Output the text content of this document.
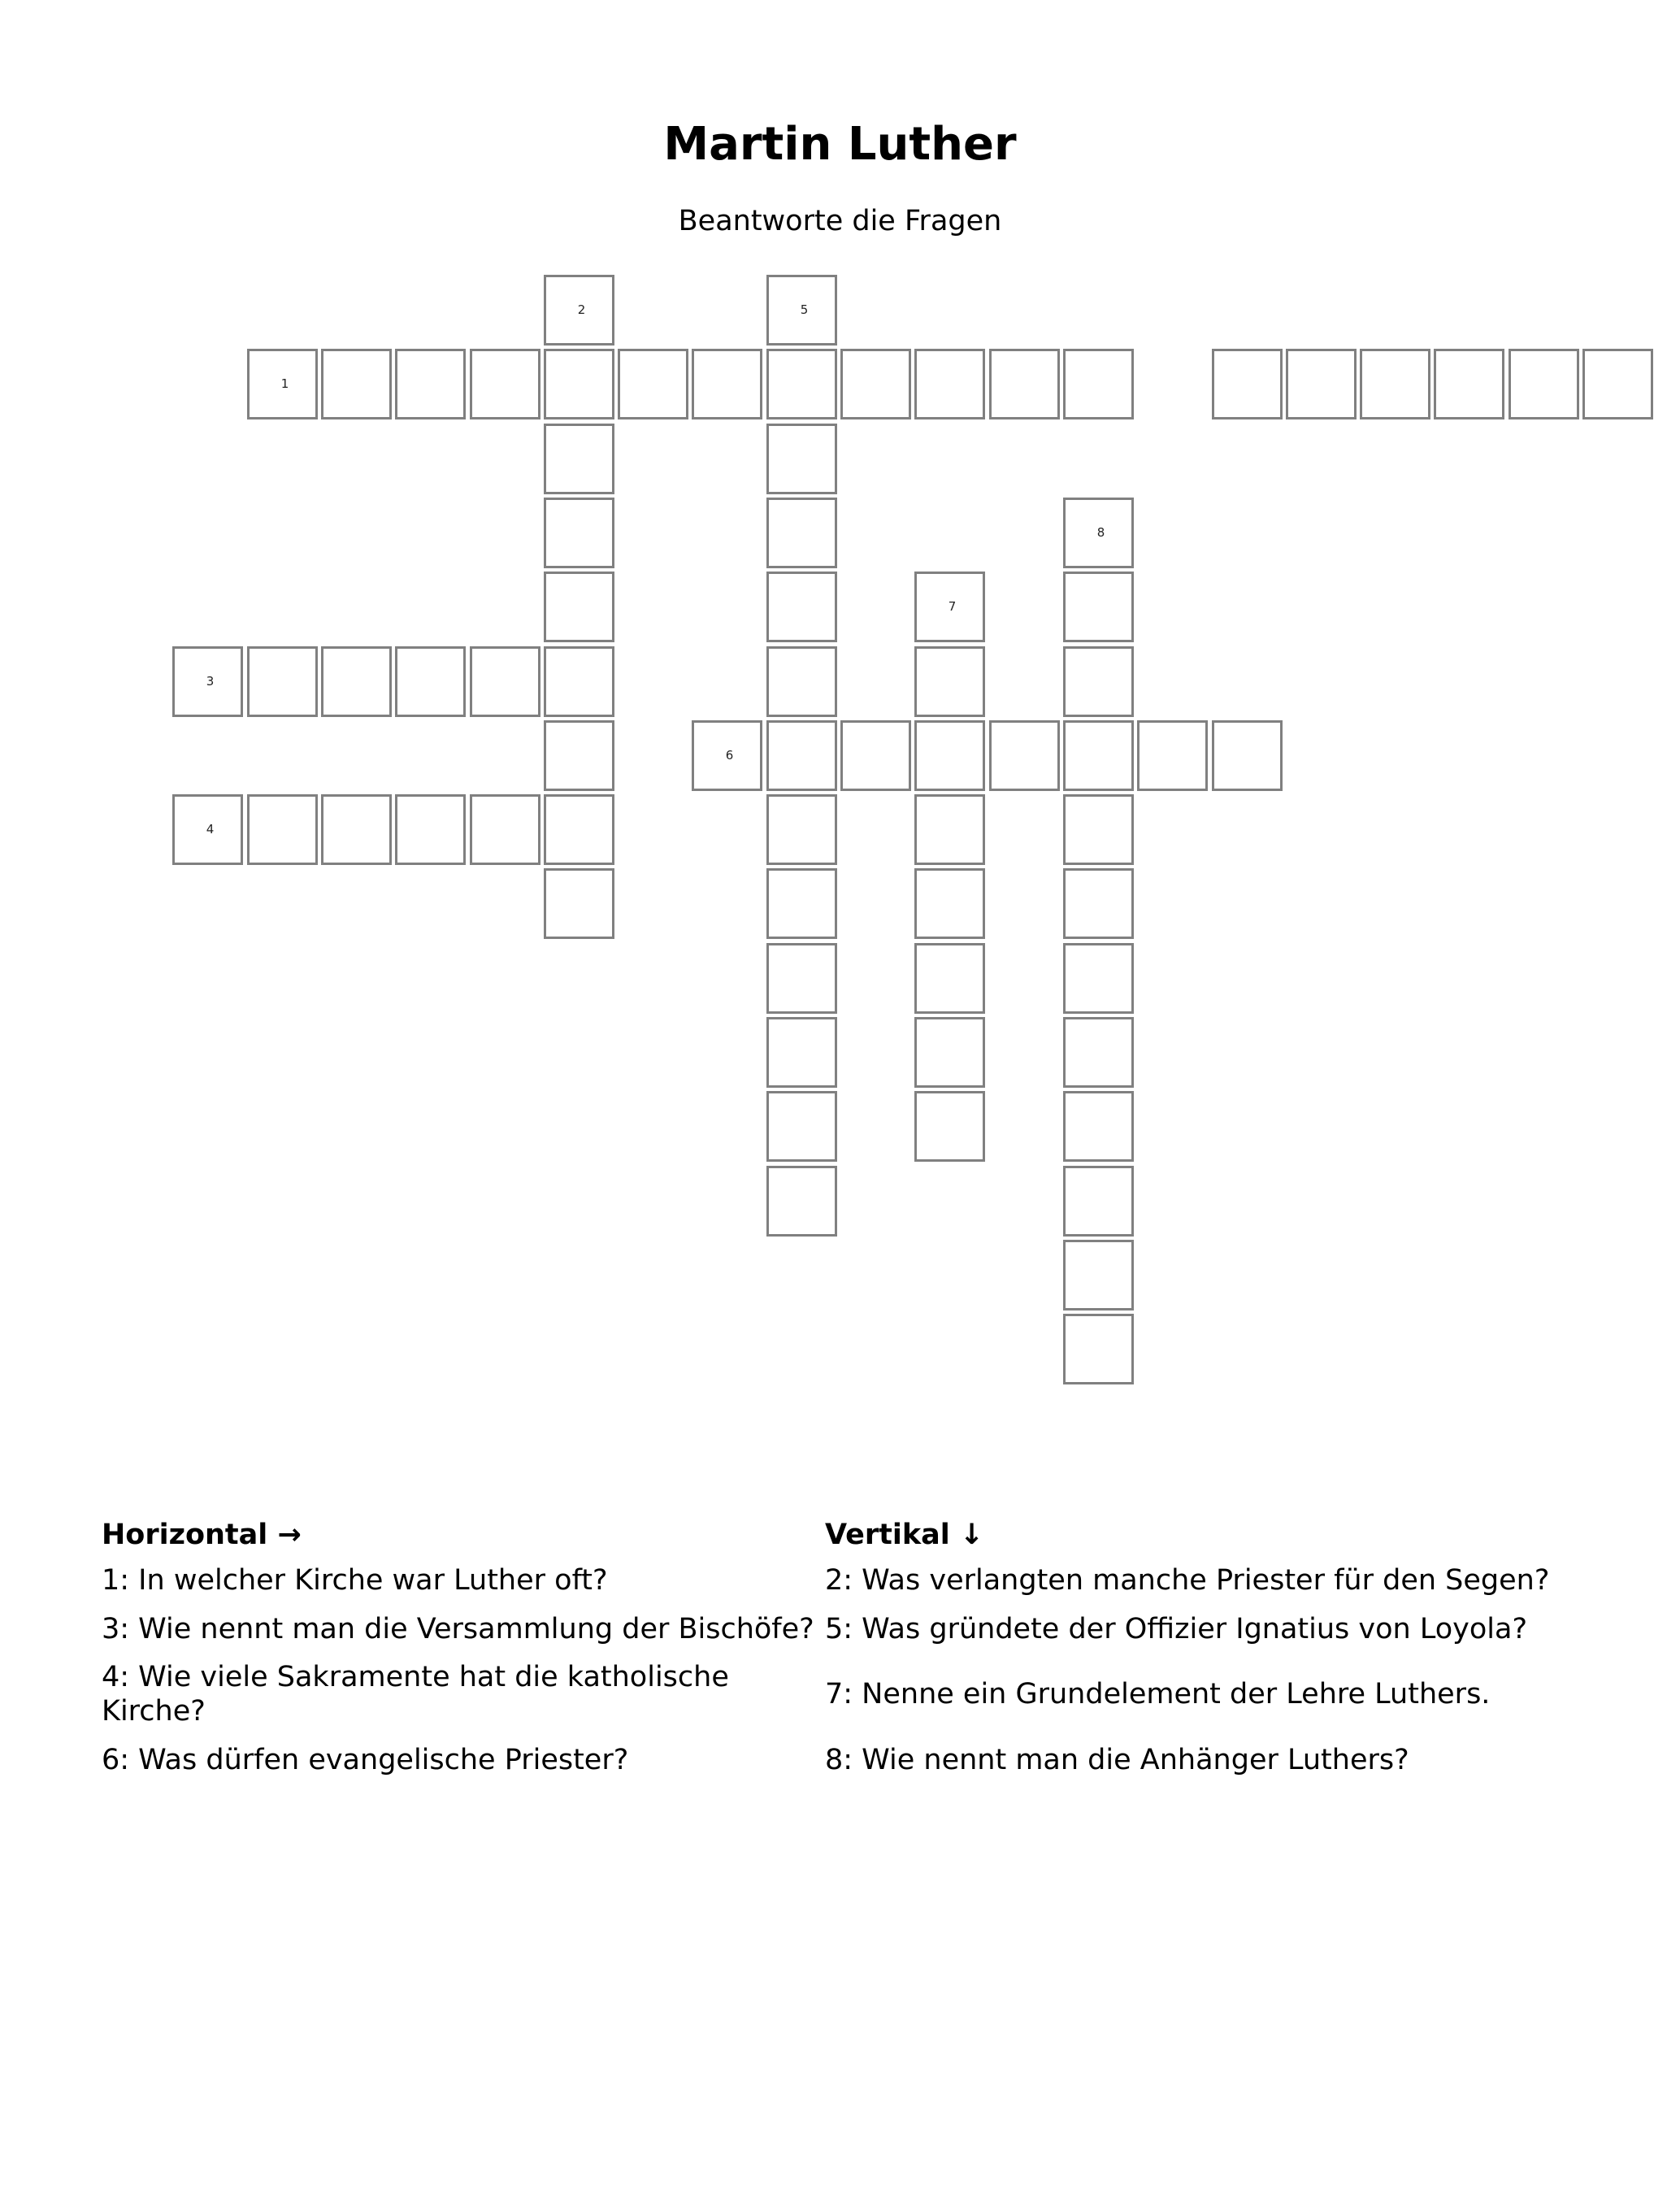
Martin Luther
Beantworte die Fragen
1
2
3
4
5
6
7
8
Horizontal →
1: In welcher Kirche war Luther oft?
3: Wie nennt man die Versammlung der Bischöfe?
4: Wie viele Sakramente hat die katholische Kirche?
6: Was dürfen evangelische Priester?
Vertikal ↓
2: Was verlangten manche Priester für den Segen?
5: Was gründete der Offizier Ignatius von Loyola?
7: Nenne ein Grundelement der Lehre Luthers.
8: Wie nennt man die Anhänger Luthers?
